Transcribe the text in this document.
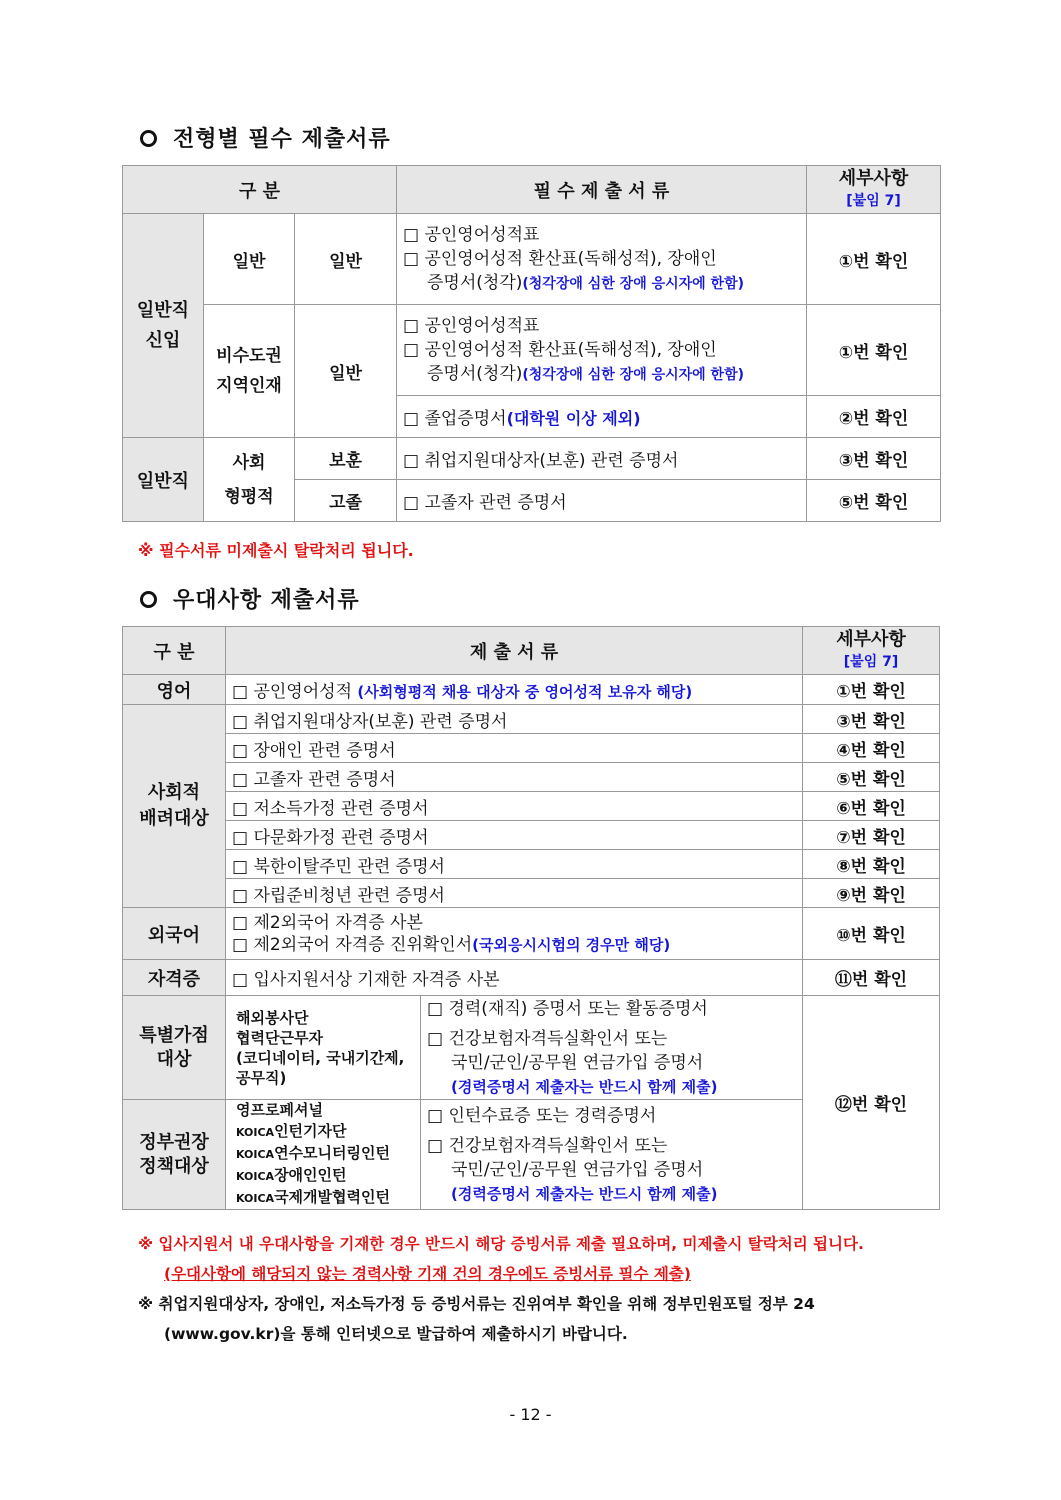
전형별 필수 제출서류
구 분			필 수 제 출 서 류	세부사항
[붙임 7]

일반직
신입	일반	일반	□ 공인영어성적표
□ 공인영어성적 환산표(독해성적), 장애인
증명서(청각)(청각장애 심한 장애 응시자에 한함)	①번 확인
	비수도권
지역인재	일반	□ 공인영어성적표
□ 공인영어성적 환산표(독해성적), 장애인
증명서(청각)(청각장애 심한 장애 응시자에 한함)	①번 확인
			□ 졸업증명서(대학원 이상 제외)	②번 확인
일반직	사회
형평적	보훈	□ 취업지원대상자(보훈) 관련 증명서	③번 확인
		고졸	□ 고졸자 관련 증명서	⑤번 확인
※ 필수서류 미제출시 탈락처리 됩니다.
우대사항 제출서류
구 분	제 출 서 류		세부사항
[붙임 7]

영어	□ 공인영어성적 (사회형평적 채용 대상자 중 영어성적 보유자 해당)		①번 확인
사회적
배려대상	□ 취업지원대상자(보훈) 관련 증명서		③번 확인
	□ 장애인 관련 증명서		④번 확인
	□ 고졸자 관련 증명서		⑤번 확인
	□ 저소득가정 관련 증명서		⑥번 확인
	□ 다문화가정 관련 증명서		⑦번 확인
	□ 북한이탈주민 관련 증명서		⑧번 확인
	□ 자립준비청년 관련 증명서		⑨번 확인
외국어	□ 제2외국어 자격증 사본
□ 제2외국어 자격증 진위확인서(국외응시시험의 경우만 해당)		⑩번 확인
자격증	□ 입사지원서상 기재한 자격증 사본		⑪번 확인
특별가점
대상	해외봉사단
협력단근무자
(코디네이터, 국내기간제,
공무직)	□ 경력(재직) 증명서 또는 활동증명서
□ 건강보험자격득실확인서 또는
국민/군인/공무원 연금가입 증명서
(경력증명서 제출자는 반드시 함께 제출)	⑫번 확인
정부권장
정책대상	영프로페셔널
KOICA인턴기자단
KOICA연수모니터링인턴
KOICA장애인인턴
KOICA국제개발협력인턴	□ 인턴수료증 또는 경력증명서
□ 건강보험자격득실확인서 또는
국민/군인/공무원 연금가입 증명서
(경력증명서 제출자는 반드시 함께 제출)	
※ 입사지원서 내 우대사항을 기재한 경우 반드시 해당 증빙서류 제출 필요하며, 미제출시 탈락처리 됩니다.
(우대사항에 해당되지 않는 경력사항 기재 건의 경우에도 증빙서류 필수 제출)
※ 취업지원대상자, 장애인, 저소득가정 등 증빙서류는 진위여부 확인을 위해 정부민원포털 정부 24
(www.gov.kr)을 통해 인터넷으로 발급하여 제출하시기 바랍니다.
- 12 -
